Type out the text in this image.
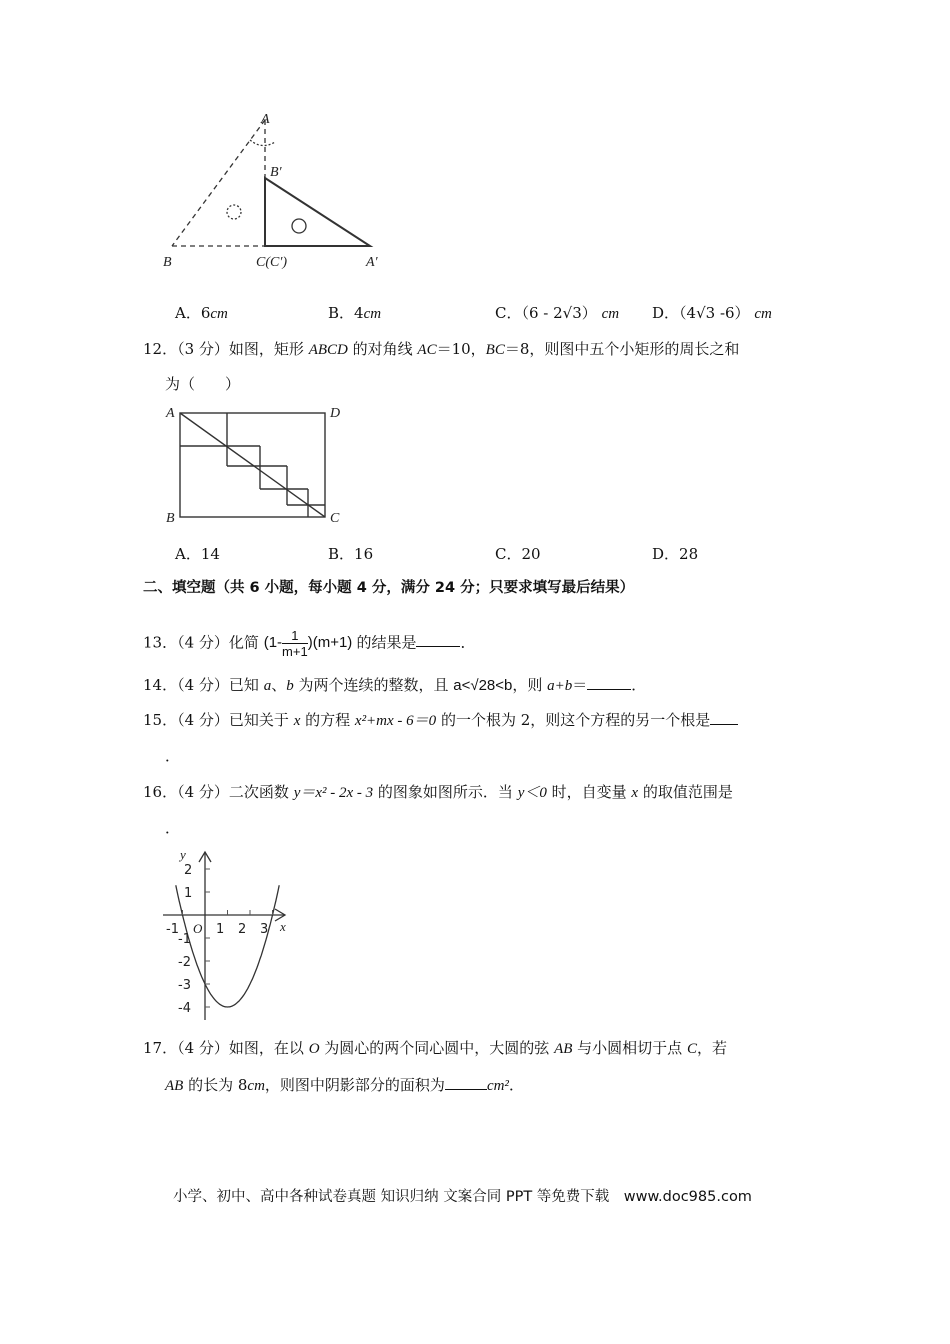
A
B′
B	C(C′)	A′
A．6cm	B．4cm	C．（6 - 2√3） cm D．（4√3 -6） cm
12．（3 分）如图，矩形 ABCD 的对角线 AC＝10，BC＝8，则图中五个小矩形的周长之和
为（　　）
A	D
B	C
A．14	B．16	C．20	D．28
二、填空题（共 6 小题，每小题 4 分，满分 24 分；只要求填写最后结果）
13．（4 分）化简 $(1- \frac{1}{m+1} )(m+1)$ 的结果是	．
14．（4 分）已知 a、b 为两个连续的整数，且 a<√28<b，则 a+b＝	．
15．（4 分）已知关于 x 的方程 x²+mx - 6＝0 的一个根为 2，则这个方程的另一个根是
．
16．（4 分）二次函数 y＝x² - 2x - 3 的图象如图所示．当 y＜0 时，自变量 x 的取值范围是
．
y
x
O
-1	1 2 3
2
1
-1
-2
-3
-4
17．（4 分）如图，在以 O 为圆心的两个同心圆中，大圆的弦 AB 与小圆相切于点 C，若
AB 的长为 8cm，则图中阴影部分的面积为	cm²．
小学、初中、高中各种试卷真题 知识归纳 文案合同 PPT 等免费下载　www.doc985.com
